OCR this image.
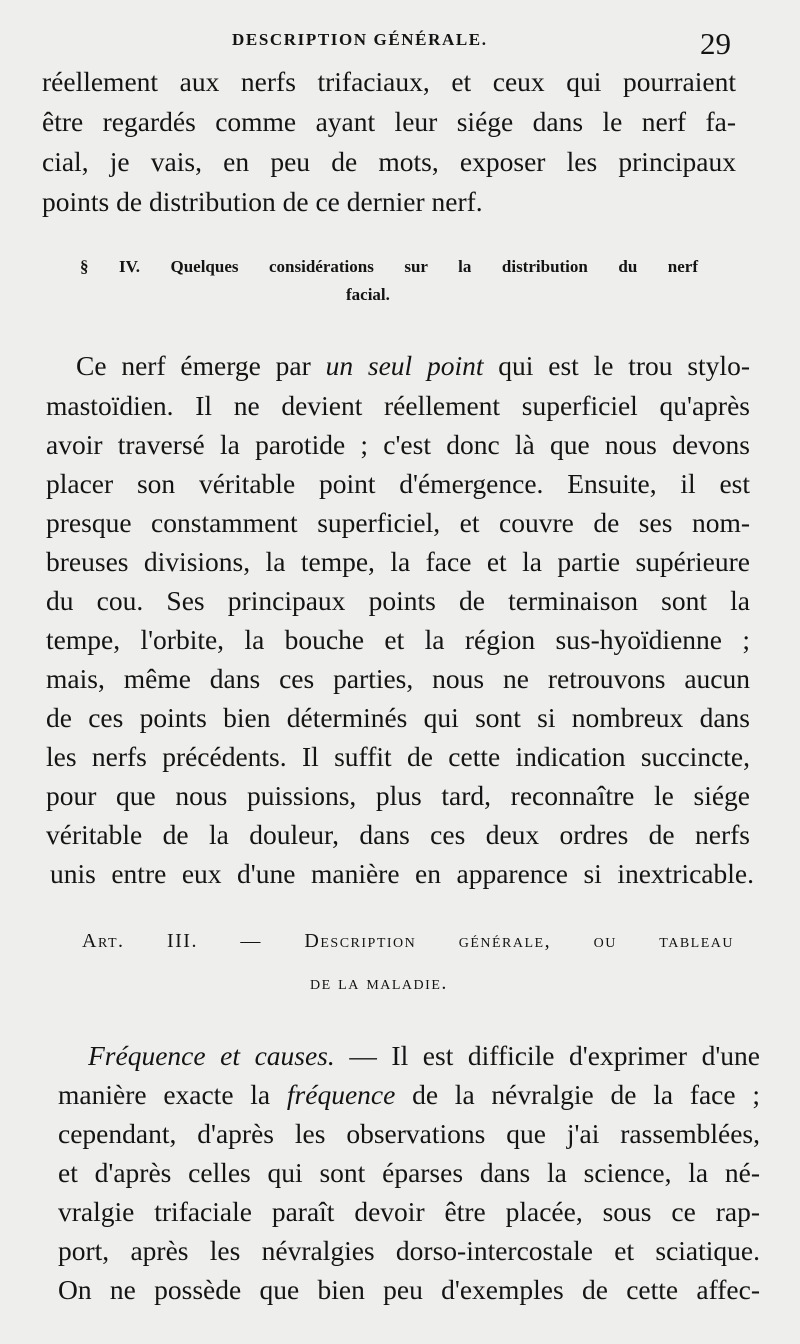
DESCRIPTION GÉNÉRALE.	29
réellement aux nerfs trifaciaux, et ceux qui pourraient
être regardés comme ayant leur siége dans le nerf fa-
cial, je vais, en peu de mots, exposer les principaux
points de distribution de ce dernier nerf.
§ IV. Quelques considérations sur la distribution du nerf
facial.
Ce nerf émerge par un seul point qui est le trou stylo-
mastoïdien. Il ne devient réellement superficiel qu'après
avoir traversé la parotide ; c'est donc là que nous devons
placer son véritable point d'émergence. Ensuite, il est
presque constamment superficiel, et couvre de ses nom-
breuses divisions, la tempe, la face et la partie supérieure
du cou. Ses principaux points de terminaison sont la
tempe, l'orbite, la bouche et la région sus-hyoïdienne ;
mais, même dans ces parties, nous ne retrouvons aucun
de ces points bien déterminés qui sont si nombreux dans
les nerfs précédents. Il suffit de cette indication succincte,
pour que nous puissions, plus tard, reconnaître le siége
véritable de la douleur, dans ces deux ordres de nerfs
unis entre eux d'une manière en apparence si inextricable.
Art. III. — Description générale, ou tableau
de la maladie.
Fréquence et causes. — Il est difficile d'exprimer d'une
manière exacte la fréquence de la névralgie de la face ;
cependant, d'après les observations que j'ai rassemblées,
et d'après celles qui sont éparses dans la science, la né-
vralgie trifaciale paraît devoir être placée, sous ce rap-
port, après les névralgies dorso-intercostale et sciatique.
On ne possède que bien peu d'exemples de cette affec-
